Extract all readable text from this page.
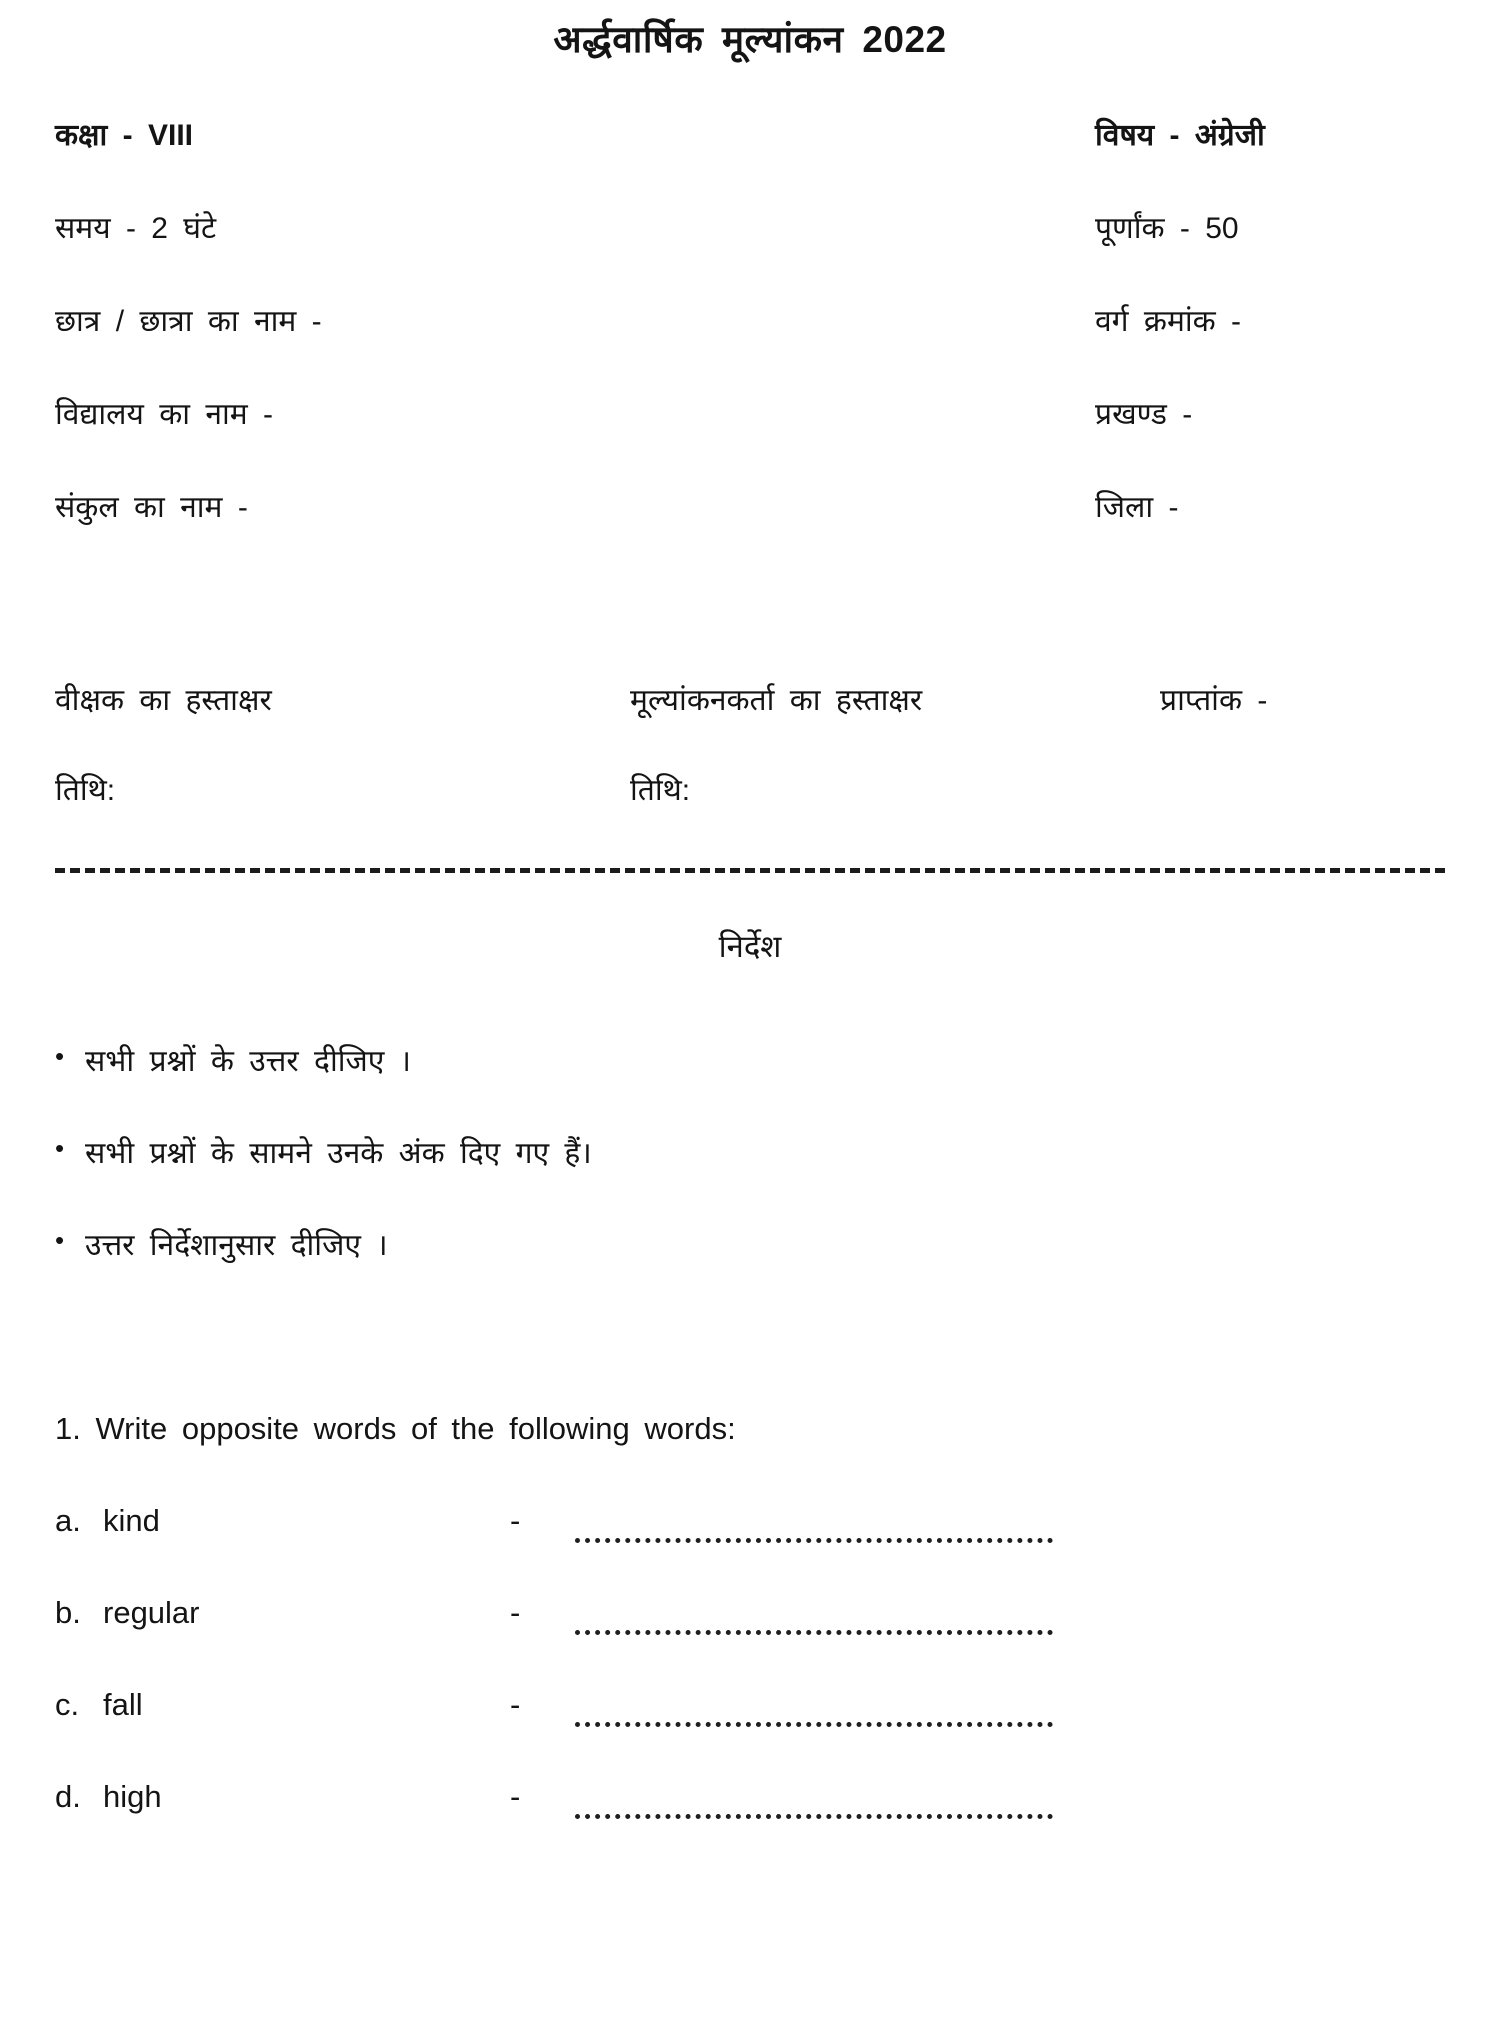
अर्द्धवार्षिक मूल्यांकन 2022
कक्षा - VIII	विषय - अंग्रेजी
समय - 2 घंटे	पूर्णांक - 50
छात्र / छात्रा का नाम -	वर्ग क्रमांक -
विद्यालय का नाम -	प्रखण्ड -
संकुल का नाम -	जिला -
वीक्षक का हस्ताक्षर	मूल्यांकनकर्ता का हस्ताक्षर	प्राप्तांक -
तिथि:	तिथि:
निर्देश
• सभी प्रश्नों के उत्तर दीजिए ।
• सभी प्रश्नों के सामने उनके अंक दिए गए हैं।
• उत्तर निर्देशानुसार दीजिए ।
1. Write opposite words of the following words:
a. kind	-
b. regular	-
c. fall	-
d. high	-
